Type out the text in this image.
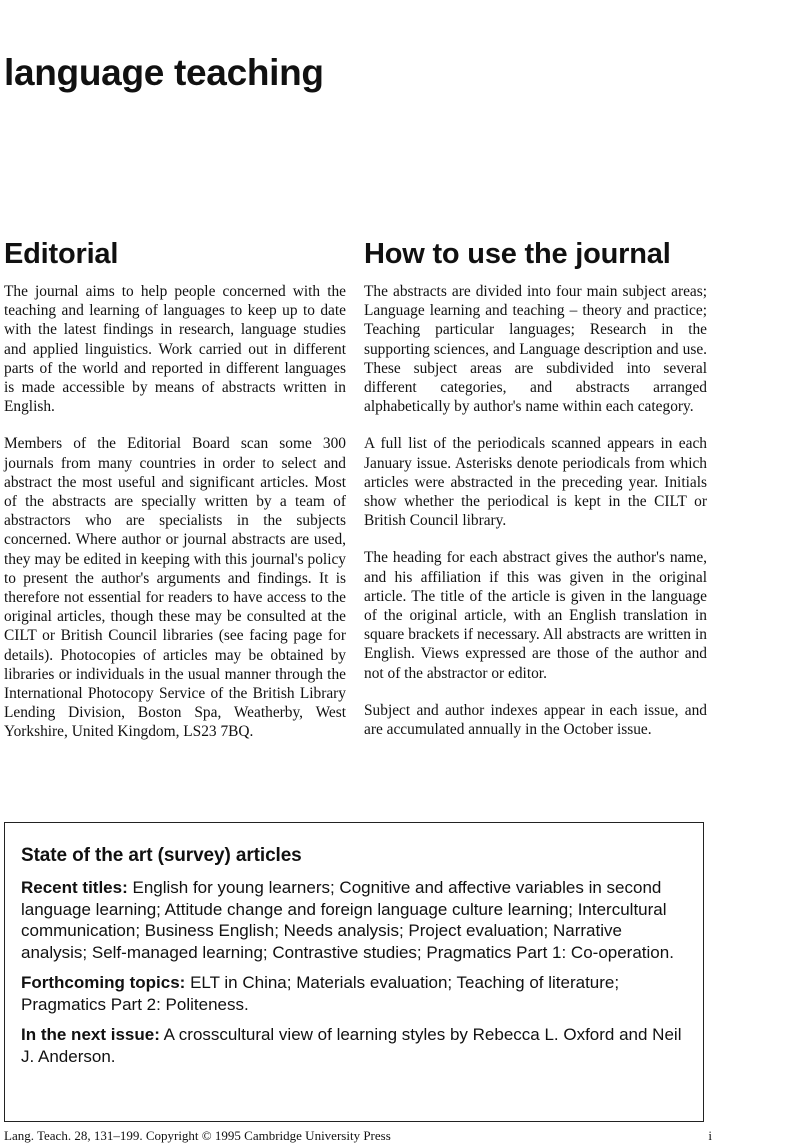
language teaching
Editorial

The journal aims to help people concerned with the teaching and learning of languages to keep up to date with the latest findings in research, language studies and applied linguistics. Work carried out in different parts of the world and reported in different languages is made accessible by means of abstracts written in English.

Members of the Editorial Board scan some 300 journals from many countries in order to select and abstract the most useful and significant articles. Most of the abstracts are specially written by a team of abstractors who are specialists in the subjects concerned. Where author or journal abstracts are used, they may be edited in keeping with this journal's policy to present the author's arguments and findings. It is therefore not essential for readers to have access to the original articles, though these may be consulted at the CILT or British Council libraries (see facing page for details). Photocopies of articles may be obtained by libraries or individuals in the usual manner through the International Photocopy Service of the British Library Lending Division, Boston Spa, Weatherby, West Yorkshire, United Kingdom, LS23 7BQ.

How to use the journal

The abstracts are divided into four main subject areas; Language learning and teaching – theory and practice; Teaching particular languages; Research in the supporting sciences, and Language description and use. These subject areas are subdivided into several different categories, and abstracts arranged alphabetically by author's name within each category.

A full list of the periodicals scanned appears in each January issue. Asterisks denote periodicals from which articles were abstracted in the preceding year. Initials show whether the periodical is kept in the CILT or British Council library.

The heading for each abstract gives the author's name, and his affiliation if this was given in the original article. The title of the article is given in the language of the original article, with an English translation in square brackets if necessary. All abstracts are written in English. Views expressed are those of the author and not of the abstractor or editor.

Subject and author indexes appear in each issue, and are accumulated annually in the October issue.

State of the art (survey) articles

Recent titles: English for young learners; Cognitive and affective variables in second language learning; Attitude change and foreign language culture learning; Intercultural communication; Business English; Needs analysis; Project evaluation; Narrative analysis; Self-managed learning; Contrastive studies; Pragmatics Part 1: Co-operation.

Forthcoming topics: ELT in China; Materials evaluation; Teaching of literature; Pragmatics Part 2: Politeness.

In the next issue: A crosscultural view of learning styles by Rebecca L. Oxford and Neil J. Anderson.

Lang. Teach. 28, 131–199. Copyright © 1995 Cambridge University Press	i
